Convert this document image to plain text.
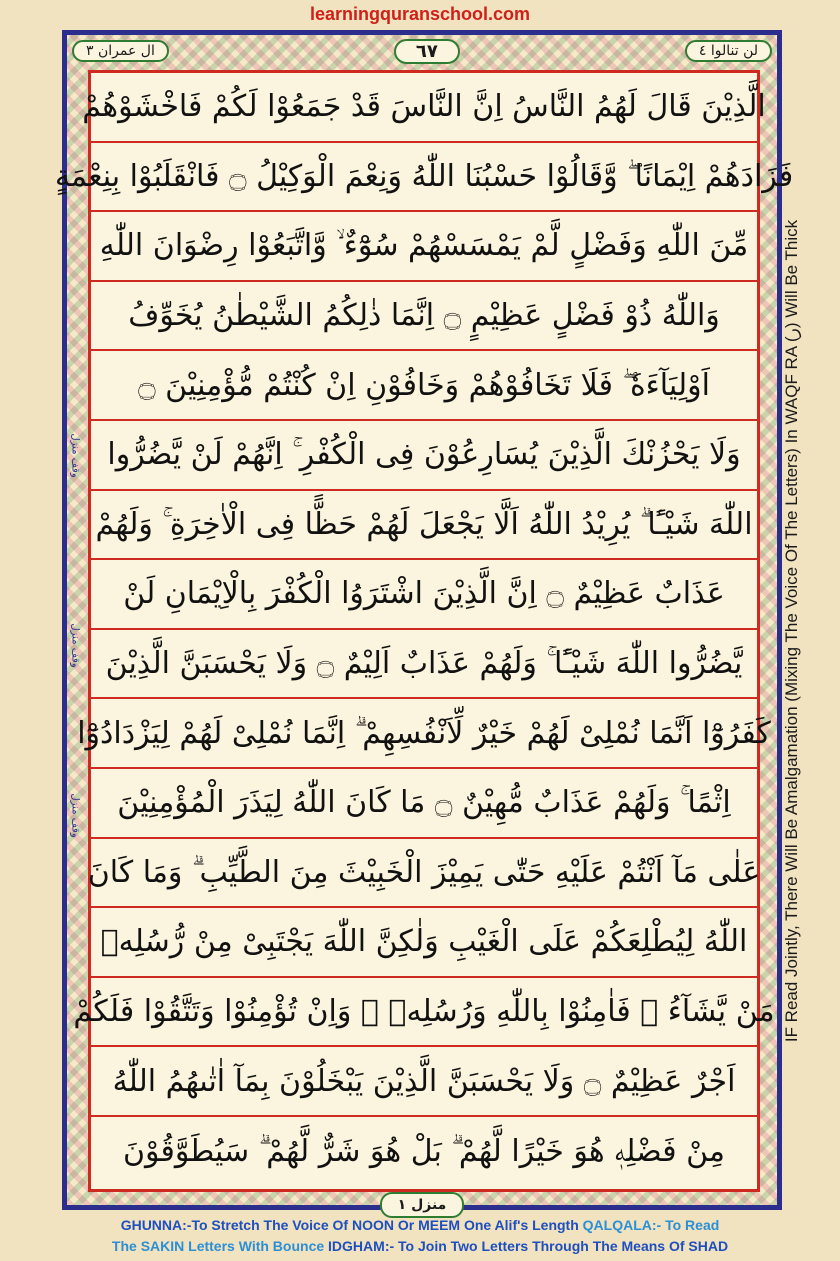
learningquranschool.com
ال عمران ٣	٦٧	لن تنالوا ٤
وقف منزل
وقف منزل
وقف منزل
الَّذِيْنَ قَالَ لَهُمُ النَّاسُ اِنَّ النَّاسَ قَدْ جَمَعُوْا لَكُمْ فَاخْشَوْهُمْ
فَزَادَهُمْ اِيْمَانًا ۖ وَّقَالُوْا حَسْبُنَا اللّٰهُ وَنِعْمَ الْوَكِيْلُ ۝ فَانْقَلَبُوْا بِنِعْمَةٍ
مِّنَ اللّٰهِ وَفَضْلٍ لَّمْ يَمْسَسْهُمْ سُوْٓءٌ ۙ وَّاتَّبَعُوْا رِضْوَانَ اللّٰهِ
وَاللّٰهُ ذُوْ فَضْلٍ عَظِيْمٍ ۝ اِنَّمَا ذٰلِكُمُ الشَّيْطٰنُ يُخَوِّفُ
اَوْلِيَآءَهٗ ۖ فَلَا تَخَافُوْهُمْ وَخَافُوْنِ اِنْ كُنْتُمْ مُّؤْمِنِيْنَ ۝
وَلَا يَحْزُنْكَ الَّذِيْنَ يُسَارِعُوْنَ فِى الْكُفْرِ ۚ اِنَّهُمْ لَنْ يَّضُرُّوا
اللّٰهَ شَيْـًٔا ۗ يُرِيْدُ اللّٰهُ اَلَّا يَجْعَلَ لَهُمْ حَظًّا فِى الْاٰخِرَةِ ۚ وَلَهُمْ
عَذَابٌ عَظِيْمٌ ۝ اِنَّ الَّذِيْنَ اشْتَرَوُا الْكُفْرَ بِالْاِيْمَانِ لَنْ
يَّضُرُّوا اللّٰهَ شَيْـًٔا ۚ وَلَهُمْ عَذَابٌ اَلِيْمٌ ۝ وَلَا يَحْسَبَنَّ الَّذِيْنَ
كَفَرُوْٓا اَنَّمَا نُمْلِىْ لَهُمْ خَيْرٌ لِّاَنْفُسِهِمْ ۗ اِنَّمَا نُمْلِىْ لَهُمْ لِيَزْدَادُوْٓا
اِثْمًا ۚ وَلَهُمْ عَذَابٌ مُّهِيْنٌ ۝ مَا كَانَ اللّٰهُ لِيَذَرَ الْمُؤْمِنِيْنَ
عَلٰى مَآ اَنْتُمْ عَلَيْهِ حَتّٰى يَمِيْزَ الْخَبِيْثَ مِنَ الطَّيِّبِ ۗ وَمَا كَانَ
اللّٰهُ لِيُطْلِعَكُمْ عَلَى الْغَيْبِ وَلٰكِنَّ اللّٰهَ يَجْتَبِىْ مِنْ رُّسُلِهٖ
مَنْ يَّشَآءُ ۖ فَاٰمِنُوْا بِاللّٰهِ وَرُسُلِهٖ ۚ وَاِنْ تُؤْمِنُوْا وَتَتَّقُوْا فَلَكُمْ
اَجْرٌ عَظِيْمٌ ۝ وَلَا يَحْسَبَنَّ الَّذِيْنَ يَبْخَلُوْنَ بِمَآ اٰتٰىهُمُ اللّٰهُ
مِنْ فَضْلِهٖ هُوَ خَيْرًا لَّهُمْ ۗ بَلْ هُوَ شَرٌّ لَّهُمْ ۗ سَيُطَوَّقُوْنَ
IF Read Jointly, There Will Be Amalgamation (Mixing The Voice Of The Letters) In WAQF RA (ر) Will Be Thick
منزل ١
GHUNNA:-To Stretch The Voice Of NOON Or MEEM One Alif's Length QALQALA:- To Read
The SAKIN Letters With Bounce IDGHAM:- To Join Two Letters Through The Means Of SHAD
